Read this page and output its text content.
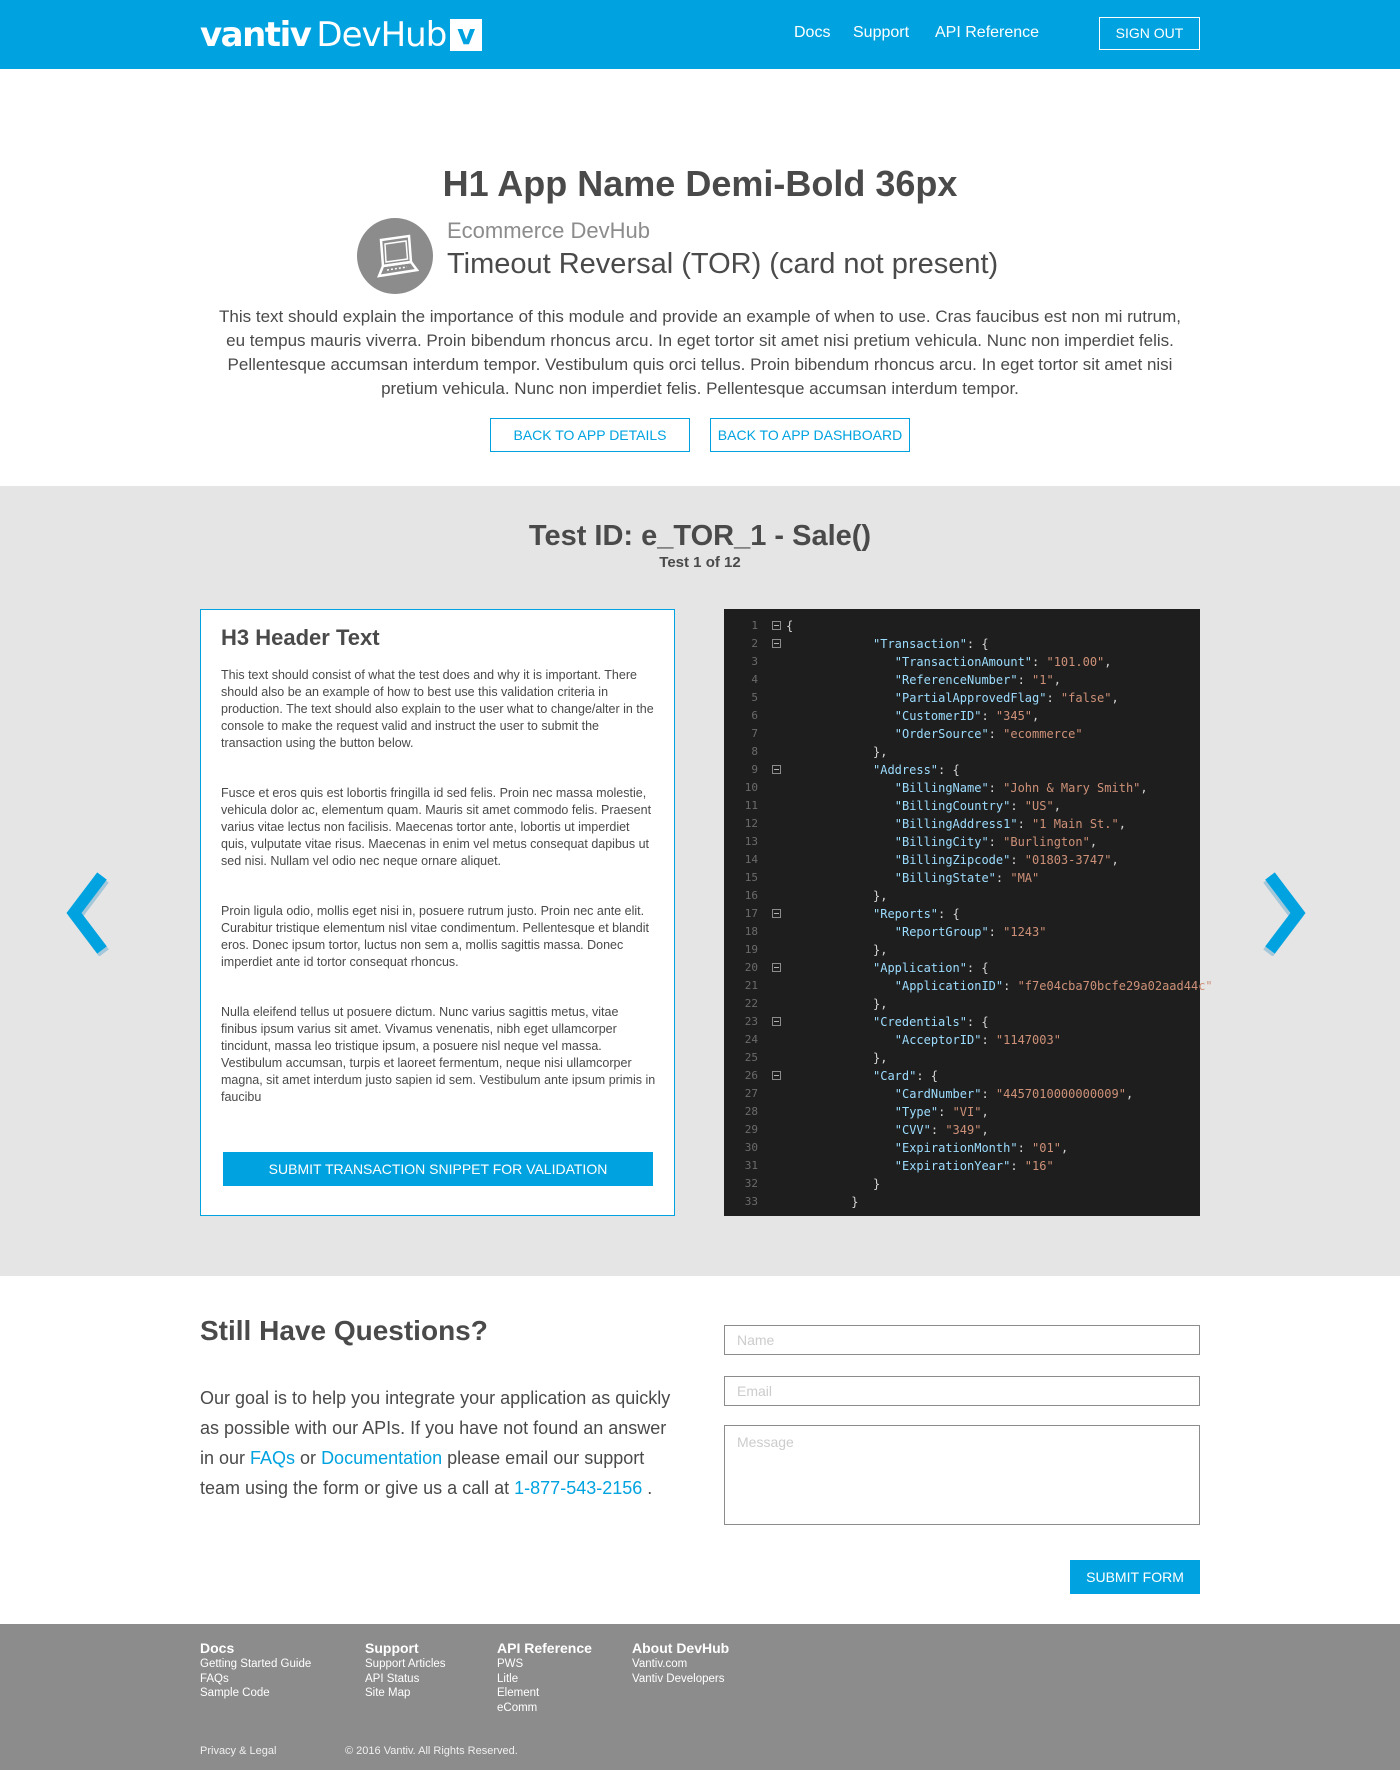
vantiv DevHub v	Docs Support API Reference	SIGN OUT
H1 App Name Demi-Bold 36px
Ecommerce DevHub
Timeout Reversal (TOR) (card not present)
This text should explain the importance of this module and provide an example of when to use. Cras faucibus est non mi rutrum, eu tempus mauris viverra. Proin bibendum rhoncus arcu. In eget tortor sit amet nisi pretium vehicula. Nunc non imperdiet felis. Pellentesque accumsan interdum tempor. Vestibulum quis orci tellus. Proin bibendum rhoncus arcu. In eget tortor sit amet nisi pretium vehicula. Nunc non imperdiet felis. Pellentesque accumsan interdum tempor.
BACK TO APP DETAILS	BACK TO APP DASHBOARD
Test ID: e_TOR_1 - Sale()
Test 1 of 12
H3 Header Text
This text should consist of what the test does and why it is important. There should also be an example of how to best use this validation criteria in production. The text should also explain to the user what to change/alter in the console to make the request valid and instruct the user to submit the transaction using the button below.
Fusce et eros quis est lobortis fringilla id sed felis. Proin nec massa molestie, vehicula dolor ac, elementum quam. Mauris sit amet commodo felis. Praesent varius vitae lectus non facilisis. Maecenas tortor ante, lobortis ut imperdiet quis, vulputate vitae risus. Maecenas in enim vel metus consequat dapibus ut sed nisi. Nullam vel odio nec neque ornare aliquet.
Proin ligula odio, mollis eget nisi in, posuere rutrum justo. Proin nec ante elit. Curabitur tristique elementum nisl vitae condimentum. Pellentesque et blandit eros. Donec ipsum tortor, luctus non sem a, mollis sagittis massa. Donec imperdiet ante id tortor consequat rhoncus.
Nulla eleifend tellus ut posuere dictum. Nunc varius sagittis metus, vitae finibus ipsum varius sit amet. Vivamus venenatis, nibh eget ullamcorper tincidunt, massa leo tristique ipsum, a posuere nisl neque vel massa. Vestibulum accumsan, turpis et laoreet fermentum, neque nisi ullamcorper magna, sit amet interdum justo sapien id sem. Vestibulum ante ipsum primis in faucibu
SUBMIT TRANSACTION SNIPPET FOR VALIDATION
1 {
2	"Transaction": {
3	"TransactionAmount": "101.00",
4	"ReferenceNumber": "1",
5	"PartialApprovedFlag": "false",
6	"CustomerID": "345",
7	"OrderSource": "ecommerce"
8	},
9	"Address": {
10	"BillingName": "John & Mary Smith",
11	"BillingCountry": "US",
12	"BillingAddress1": "1 Main St.",
13	"BillingCity": "Burlington",
14	"BillingZipcode": "01803-3747",
15	"BillingState": "MA"
16	},
17	"Reports": {
18	"ReportGroup": "1243"
19	},
20	"Application": {
21	"ApplicationID": "f7e04cba70bcfe29a02aad44c"
22	},
23	"Credentials": {
24	"AcceptorID": "1147003"
25	},
26	"Card": {
27	"CardNumber": "4457010000000009",
28	"Type": "VI",
29	"CVV": "349",
30	"ExpirationMonth": "01",
31	"ExpirationYear": "16"
32	}
33	}
Still Have Questions?
Our goal is to help you integrate your application as quickly as possible with our APIs. If you have not found an answer in our FAQs or Documentation please email our support team using the form or give us a call at 1-877-543-2156 .
Name
Email
Message
SUBMIT FORM
Docs
Getting Started Guide
FAQs
Sample Code
Support
Support Articles
API Status
Site Map
API Reference
PWS
Litle
Element
eComm
About DevHub
Vantiv.com
Vantiv Developers
Privacy & Legal	© 2016 Vantiv. All Rights Reserved.
